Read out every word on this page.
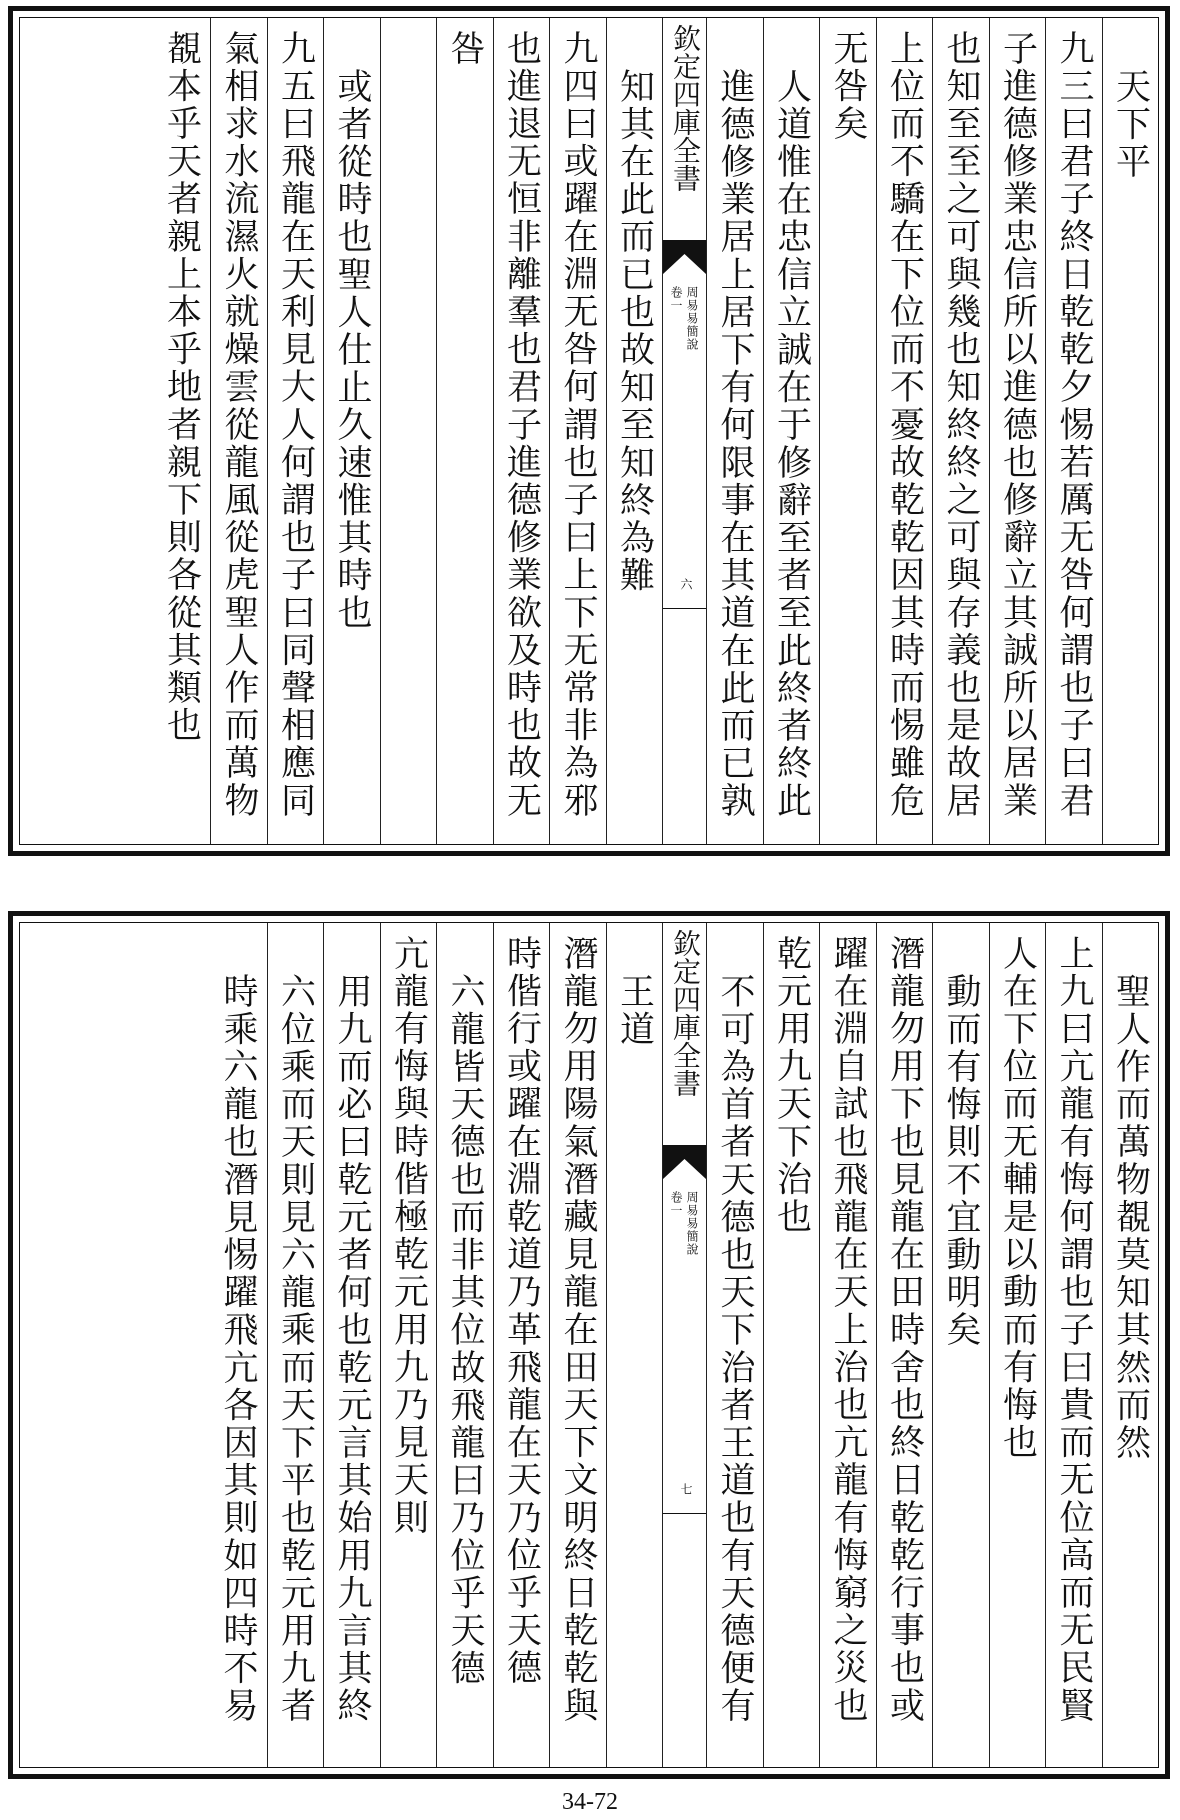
天下平
九三曰君子終日乾乾夕惕若厲无咎何謂也子曰君
子進德修業忠信所以進德也修辭立其誠所以居業
也知至至之可與幾也知終終之可與存義也是故居
上位而不驕在下位而不憂故乾乾因其時而惕雖危
无咎矣
人道惟在忠信立誠在于修辭至者至此終者終此
進德修業居上居下有何限事在其道在此而已孰
欽定四庫全書
周易易簡說
卷一
六
知其在此而已也故知至知終為難
九四曰或躍在淵无咎何謂也子曰上下无常非為邪
也進退无恒非離羣也君子進德修業欲及時也故无
咎
或者從時也聖人仕止久速惟其時也
九五曰飛龍在天利見大人何謂也子曰同聲相應同
氣相求水流濕火就燥雲從龍風從虎聖人作而萬物
覩本乎天者親上本乎地者親下則各從其類也
聖人作而萬物覩莫知其然而然
上九曰亢龍有悔何謂也子曰貴而无位高而无民賢
人在下位而无輔是以動而有悔也
動而有悔則不宜動明矣
潛龍勿用下也見龍在田時舍也終日乾乾行事也或
躍在淵自試也飛龍在天上治也亢龍有悔窮之災也
乾元用九天下治也
不可為首者天德也天下治者王道也有天德便有
欽定四庫全書
周易易簡說
卷一
七
王道
潛龍勿用陽氣潛藏見龍在田天下文明終日乾乾與
時偕行或躍在淵乾道乃革飛龍在天乃位乎天德
六龍皆天德也而非其位故飛龍曰乃位乎天德
亢龍有悔與時偕極乾元用九乃見天則
用九而必曰乾元者何也乾元言其始用九言其終
六位乘而天則見六龍乘而天下平也乾元用九者
時乘六龍也潛見惕躍飛亢各因其則如四時不易
34-72
